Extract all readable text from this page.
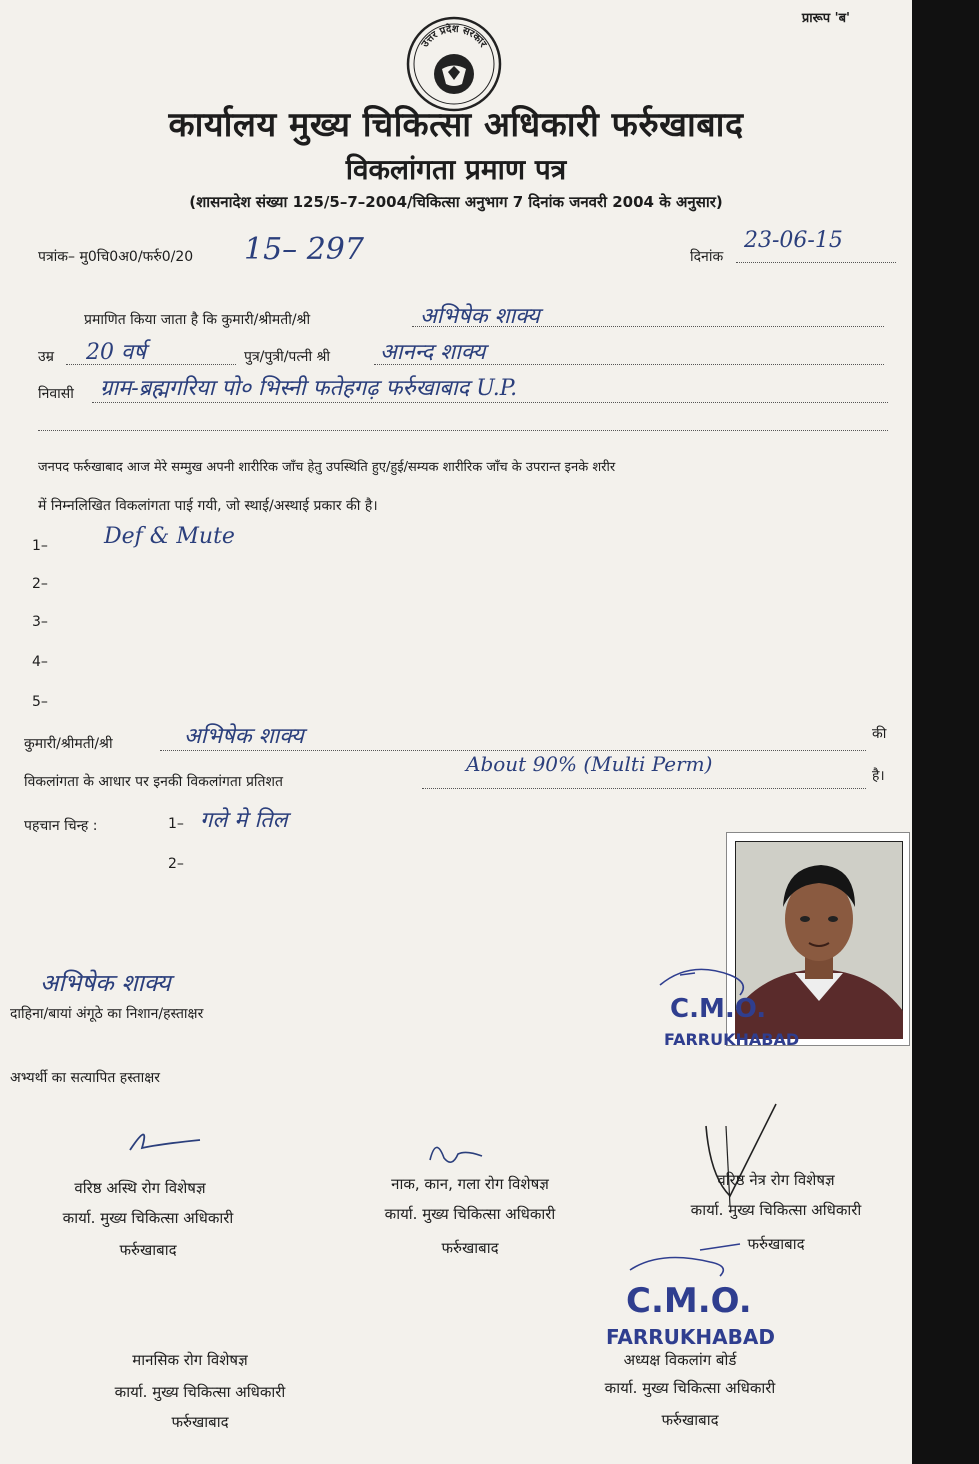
उत्तर प्रदेश सरकार
प्रारूप 'ब'
कार्यालय मुख्य चिकित्सा अधिकारी फर्रुखाबाद
विकलांगता प्रमाण पत्र
(शासनादेश संख्या 125/5–7–2004/चिकित्सा अनुभाग 7 दिनांक जनवरी 2004 के अनुसार)
पत्रांक– मु0चि0अ0/फर्रु0/20 15– 297	दिनांक
23-06-15
प्रमाणित किया जाता है कि कुमारी/श्रीमती/श्री	अभिषेक शाक्य
उम्र 20 वर्ष	पुत्र/पुत्री/पत्नी श्री आनन्द शाक्य
निवासी ग्राम-ब्रह्मगरिया पो० भिस्नी फतेहगढ़ फर्रुखाबाद U.P.
जनपद फर्रुखाबाद आज मेरे सम्मुख अपनी शारीरिक जाँच हेतु उपस्थिति हुए/हुई/सम्यक शारीरिक जाँच के उपरान्त इनके शरीर
में निम्नलिखित विकलांगता पाई गयी, जो स्थाई/अस्थाई प्रकार की है।
1–	Def & Mute
2–
3–
4–
5–
कुमारी/श्रीमती/श्री	अभिषेक शाक्य	की
विकलांगता के आधार पर इनकी विकलांगता प्रतिशत
About 90% (Multi Perm)	है।
पहचान चिन्ह :	1– गले मे तिल
2–
C.M.O.
FARRUKHABAD
अभिषेक शाक्य
दाहिना/बायां अंगूठे का निशान/हस्ताक्षर
अभ्यर्थी का सत्यापित हस्ताक्षर
वरिष्ठ अस्थि रोग विशेषज्ञ
कार्या. मुख्य चिकित्सा अधिकारी
फर्रुखाबाद
नाक, कान, गला रोग विशेषज्ञ
कार्या. मुख्य चिकित्सा अधिकारी
फर्रुखाबाद
वरिष्ठ नेत्र रोग विशेषज्ञ
कार्या. मुख्य चिकित्सा अधिकारी
फर्रुखाबाद
C.M.O.
FARRUKHABAD
मानसिक रोग विशेषज्ञ
कार्या. मुख्य चिकित्सा अधिकारी
फर्रुखाबाद
अध्यक्ष विकलांग बोर्ड
कार्या. मुख्य चिकित्सा अधिकारी
फर्रुखाबाद
